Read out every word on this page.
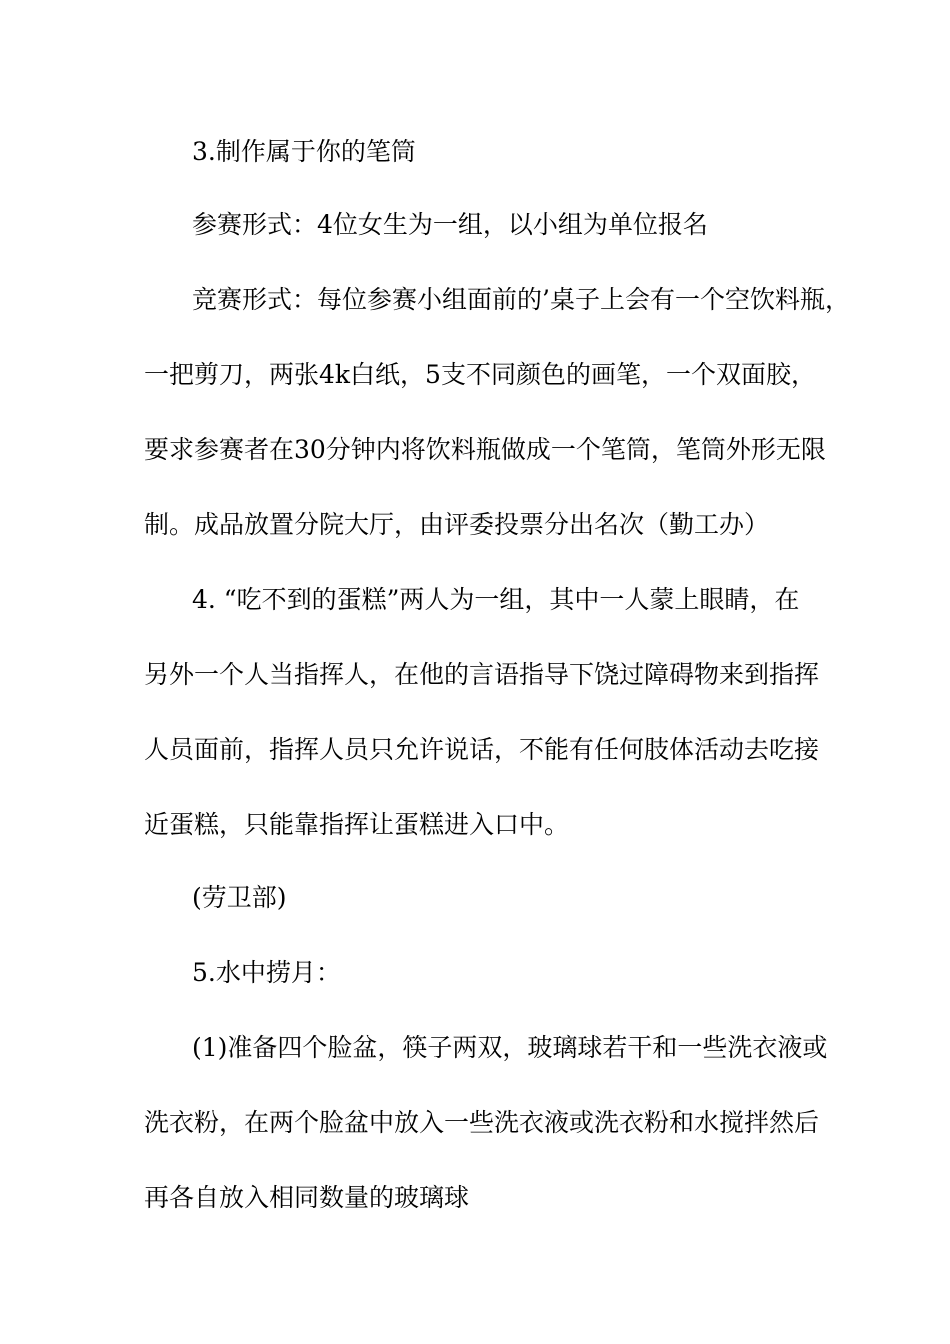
3.制作属于你的笔筒
参赛形式：4位女生为一组，以小组为单位报名
竞赛形式：每位参赛小组面前的’桌子上会有一个空饮料瓶，
一把剪刀，两张4k白纸，5支不同颜色的画笔，一个双面胶，
要求参赛者在30分钟内将饮料瓶做成一个笔筒，笔筒外形无限
制。成品放置分院大厅，由评委投票分出名次（勤工办）
4. “吃不到的蛋糕”两人为一组，其中一人蒙上眼睛，在
另外一个人当指挥人，在他的言语指导下饶过障碍物来到指挥
人员面前，指挥人员只允许说话，不能有任何肢体活动去吃接
近蛋糕，只能靠指挥让蛋糕进入口中。
(劳卫部)
5.水中捞月：
(1)准备四个脸盆，筷子两双，玻璃球若干和一些洗衣液或
洗衣粉，在两个脸盆中放入一些洗衣液或洗衣粉和水搅拌然后
再各自放入相同数量的玻璃球
